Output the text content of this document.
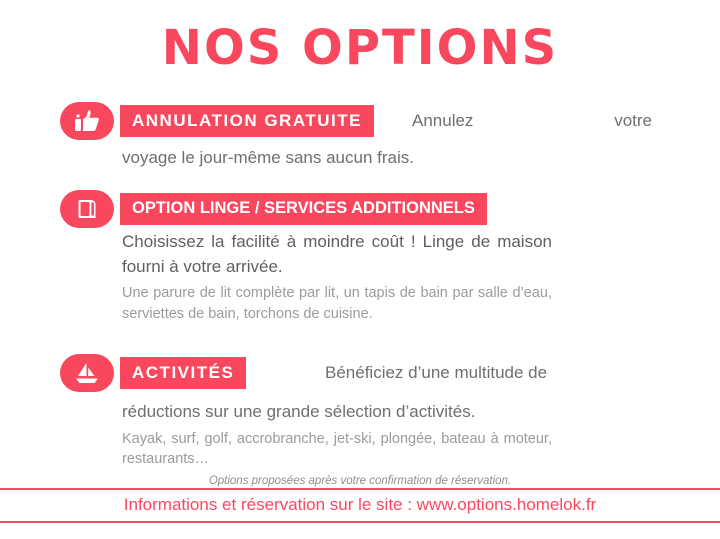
NOS OPTIONS
ANNULATION GRATUITE	Annulez	votre
voyage le jour-même sans aucun frais.
OPTION LINGE / SERVICES ADDITIONNELS
Choisissez la facilité à moindre coût ! Linge de maison fourni à votre arrivée.
Une parure de lit complète par lit, un tapis de bain par salle d’eau, serviettes de bain, torchons de cuisine.
ACTIVITÉS	Bénéficiez d’une multitude de
réductions sur une grande sélection d’activités.
Kayak, surf, golf, accrobranche, jet-ski, plongée, bateau à moteur, restaurants…
Options proposées après votre confirmation de réservation.
Informations et réservation sur le site : www.options.homelok.fr
